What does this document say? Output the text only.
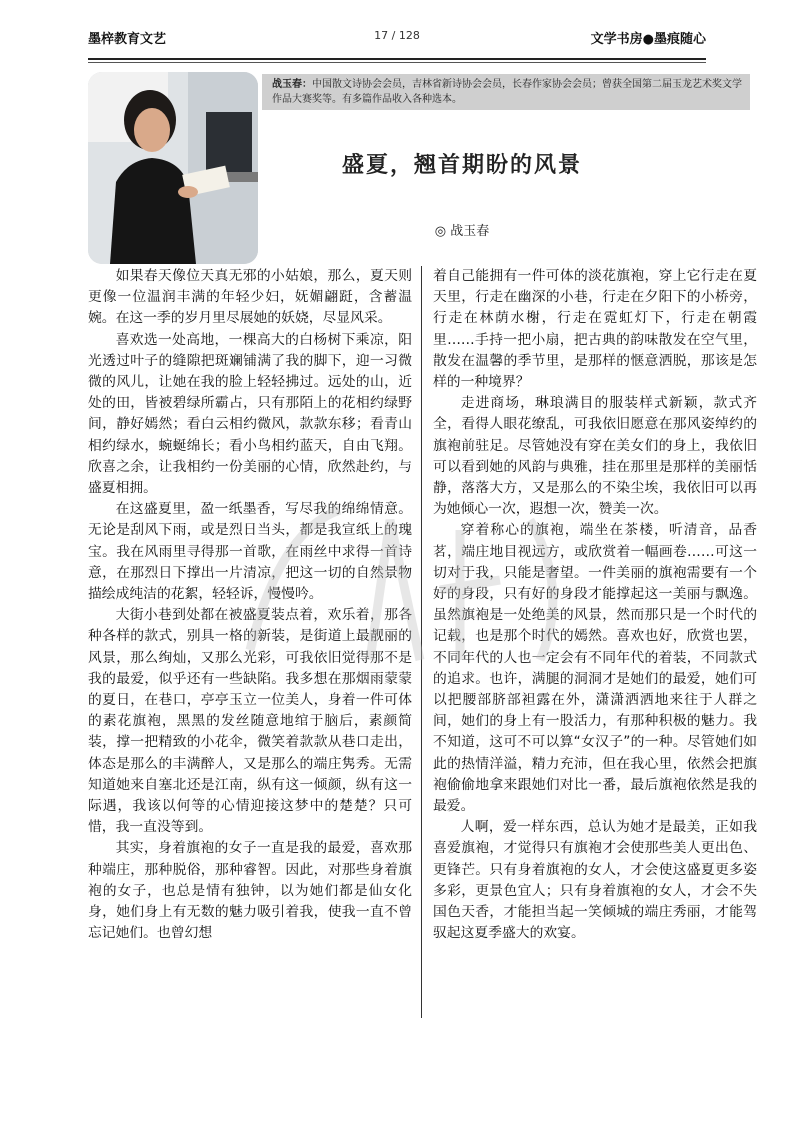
墨梓教育文艺	17 / 128	文学书房●墨痕随心
战玉春：中国散文诗协会会员，吉林省新诗协会会员，长春作家协会会员；曾获全国第二届玉龙艺术奖文学作品大赛奖等。有多篇作品收入各种选本。
盛夏，翘首期盼的风景
◎ 战玉春

如果春天像位天真无邪的小姑娘，那么，夏天则更像一位温润丰满的年轻少妇，妩媚翩跹，含蓄温婉。在这一季的岁月里尽展她的妖娆，尽显风采。

喜欢选一处高地，一棵高大的白杨树下乘凉，阳光透过叶子的缝隙把斑斓铺满了我的脚下，迎一习微微的风儿，让她在我的脸上轻轻拂过。远处的山，近处的田，皆被碧绿所霸占，只有那陌上的花相约绿野间，静好嫣然；看白云相约微风，款款东移；看青山相约绿水，蜿蜒绵长；看小鸟相约蓝天，自由飞翔。欣喜之余，让我相约一份美丽的心情，欣然赴约，与盛夏相拥。

在这盛夏里，盈一纸墨香，写尽我的绵绵情意。无论是刮风下雨，或是烈日当头，都是我宣纸上的瑰宝。我在风雨里寻得那一首歌，在雨丝中求得一首诗意，在那烈日下撑出一片清凉，把这一切的自然景物描绘成纯洁的花絮，轻轻诉，慢慢吟。

大街小巷到处都在被盛夏装点着，欢乐着，那各种各样的款式，别具一格的新装，是街道上最靓丽的风景，那么绚灿，又那么光彩，可我依旧觉得那不是我的最爱，似乎还有一些缺陷。我多想在那烟雨蒙蒙的夏日，在巷口，亭亭玉立一位美人，身着一件可体的素花旗袍，黑黑的发丝随意地绾于脑后，素颜简装，撑一把精致的小花伞，微笑着款款从巷口走出，体态是那么的丰满醉人，又是那么的端庄隽秀。无需知道她来自塞北还是江南，纵有这一倾颜，纵有这一际遇，我该以何等的心情迎接这梦中的楚楚？只可惜，我一直没等到。

其实，身着旗袍的女子一直是我的最爱，喜欢那种端庄，那种脱俗，那种睿智。因此，对那些身着旗袍的女子，也总是情有独钟，以为她们都是仙女化身，她们身上有无数的魅力吸引着我，使我一直不曾忘记她们。也曾幻想

着自己能拥有一件可体的淡花旗袍，穿上它行走在夏天里，行走在幽深的小巷，行走在夕阳下的小桥旁，行走在林荫水榭，行走在霓虹灯下，行走在朝霞里……手持一把小扇，把古典的韵味散发在空气里，散发在温馨的季节里，是那样的惬意洒脱，那该是怎样的一种境界？

走进商场，琳琅满目的服装样式新颖，款式齐全，看得人眼花缭乱，可我依旧愿意在那风姿绰约的旗袍前驻足。尽管她没有穿在美女们的身上，我依旧可以看到她的风韵与典雅，挂在那里是那样的美丽恬静，落落大方，又是那么的不染尘埃，我依旧可以再为她倾心一次，遐想一次，赞美一次。

穿着称心的旗袍，端坐在茶楼，听清音，品香茗，端庄地目视远方，或欣赏着一幅画卷……可这一切对于我，只能是奢望。一件美丽的旗袍需要有一个好的身段，只有好的身段才能撑起这一美丽与飘逸。虽然旗袍是一处绝美的风景，然而那只是一个时代的记载，也是那个时代的嫣然。喜欢也好，欣赏也罢，不同年代的人也一定会有不同年代的着装，不同款式的追求。也许，满腿的洞洞才是她们的最爱，她们可以把腰部脐部袒露在外，潇潇洒洒地来往于人群之间，她们的身上有一股活力，有那种积极的魅力。我不知道，这可不可以算“女汉子”的一种。尽管她们如此的热情洋溢，精力充沛，但在我心里，依然会把旗袍偷偷地拿来跟她们对比一番，最后旗袍依然是我的最爱。

人啊，爱一样东西，总认为她才是最美，正如我喜爱旗袍，才觉得只有旗袍才会使那些美人更出色、更锋芒。只有身着旗袍的女人，才会使这盛夏更多姿多彩，更景色宜人；只有身着旗袍的女人，才会不失国色天香，才能担当起一笑倾城的端庄秀丽，才能驾驭起这夏季盛大的欢宴。
